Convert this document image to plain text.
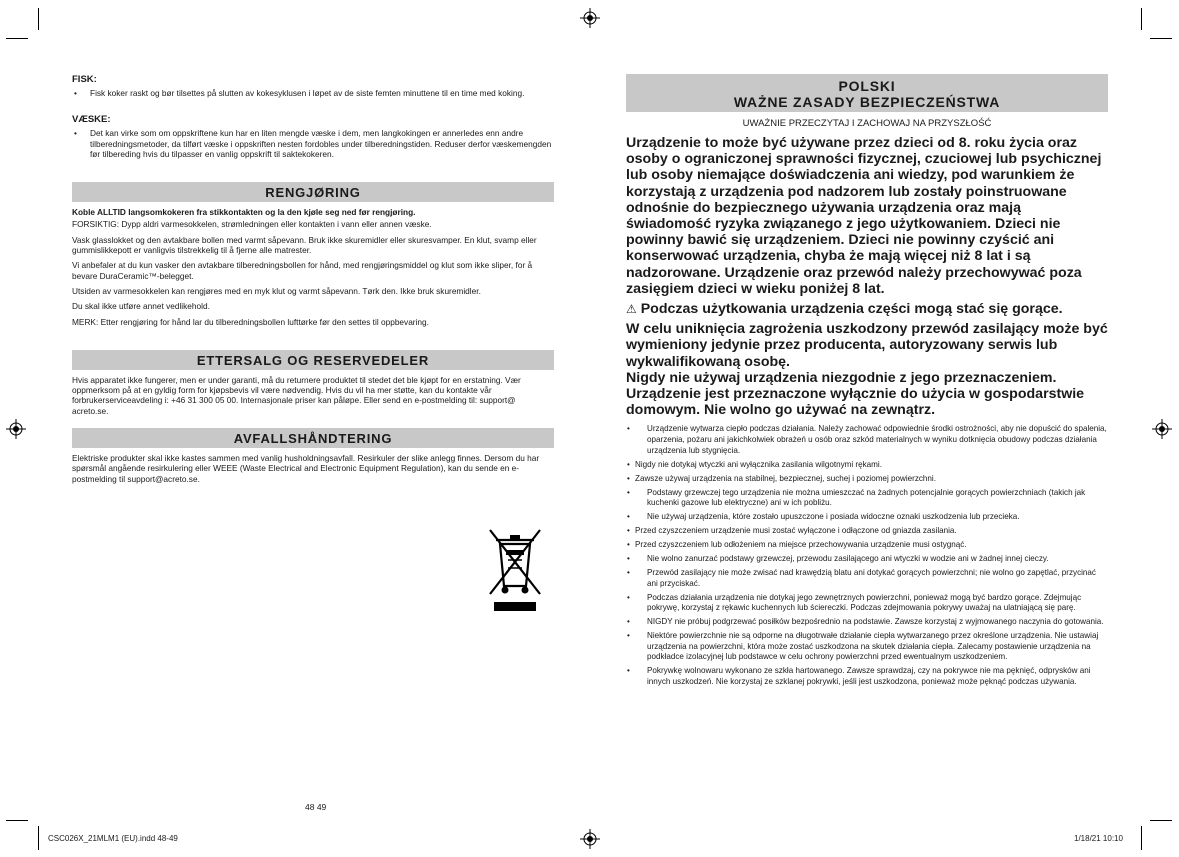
FISK:
• Fisk koker raskt og bør tilsettes på slutten av kokesyklusen i løpet av de siste femten minuttene til en time med koking.
VÆSKE:
• Det kan virke som om oppskriftene kun har en liten mengde væske i dem, men langkokingen er annerledes enn andre tilberedningsmetoder, da tilført væske i oppskriften nesten fordobles under tilberedningstiden. Reduser derfor væskemengden før tilbereding hvis du tilpasser en vanlig oppskrift til saktekokeren.
RENGJØRING
Koble ALLTID langsomkokeren fra stikkontakten og la den kjøle seg ned før rengjøring.
FORSIKTIG: Dypp aldri varmesokkelen, strømledningen eller kontakten i vann eller annen væske.
Vask glasslokket og den avtakbare bollen med varmt såpevann. Bruk ikke skuremidler eller skuresvamper. En klut, svamp eller gummislikkepott er vanligvis tilstrekkelig til å fjerne alle matrester.
Vi anbefaler at du kun vasker den avtakbare tilberedningsbollen for hånd, med rengjøringsmiddel og klut som ikke sliper, for å bevare DuraCeramic™-belegget.
Utsiden av varmesokkelen kan rengjøres med en myk klut og varmt såpevann. Tørk den. Ikke bruk skuremidler.
Du skal ikke utføre annet vedlikehold.
MERK: Etter rengjøring for hånd lar du tilberedningsbollen lufttørke før den settes til oppbevaring.
ETTERSALG OG RESERVEDELER
Hvis apparatet ikke fungerer, men er under garanti, må du returnere produktet til stedet det ble kjøpt for en erstatning. Vær oppmerksom på at en gyldig form for kjøpsbevis vil være nødvendig. Hvis du vil ha mer støtte, kan du kontakte vår forbrukerserviceavdeling i: +46 31 300 05 00. Internasjonale priser kan påløpe. Eller send en e-postmelding til: support@ acreto.se.
AVFALLSHÅNDTERING
Elektriske produkter skal ikke kastes sammen med vanlig husholdningsavfall. Resirkuler der slike anlegg finnes. Dersom du har spørsmål angående resirkulering eller WEEE (Waste Electrical and Electronic Equipment Regulation), kan du sende en e-postmelding til support@acreto.se.
POLSKI
WAŻNE ZASADY BEZPIECZEŃSTWA
UWAŻNIE PRZECZYTAJ I ZACHOWAJ NA PRZYSZŁOŚĆ
Urządzenie to może być używane przez dzieci od 8. roku życia oraz osoby o ograniczonej sprawności fizycznej, czuciowej lub psychicznej lub osoby niemające doświadczenia ani wiedzy, pod warunkiem że korzystają z urządzenia pod nadzorem lub zostały poinstruowane odnośnie do bezpiecznego używania urządzenia oraz mają świadomość ryzyka związanego z jego użytkowaniem. Dzieci nie powinny bawić się urządzeniem. Dzieci nie powinny czyścić ani konserwować urządzenia, chyba że mają więcej niż 8 lat i są nadzorowane. Urządzenie oraz przewód należy przechowywać poza zasięgiem dzieci w wieku poniżej 8 lat.
⚠ Podczas użytkowania urządzenia części mogą stać się gorące.
W celu uniknięcia zagrożenia uszkodzony przewód zasilający może być wymieniony jedynie przez producenta, autoryzowany serwis lub wykwalifikowaną osobę.
Nigdy nie używaj urządzenia niezgodnie z jego przeznaczeniem. Urządzenie jest przeznaczone wyłącznie do użycia w gospodarstwie domowym. Nie wolno go używać na zewnątrz.
• Urządzenie wytwarza ciepło podczas działania. Należy zachować odpowiednie środki ostrożności, aby nie dopuścić do spalenia, oparzenia, pożaru ani jakichkolwiek obrażeń u osób oraz szkód materialnych w wyniku dotknięcia obudowy podczas działania urządzenia lub stygnięcia.
• Nigdy nie dotykaj wtyczki ani wyłącznika zasilania wilgotnymi rękami.
• Zawsze używaj urządzenia na stabilnej, bezpiecznej, suchej i poziomej powierzchni.
• Podstawy grzewczej tego urządzenia nie można umieszczać na żadnych potencjalnie gorących powierzchniach (takich jak kuchenki gazowe lub elektryczne) ani w ich pobliżu.
• Nie używaj urządzenia, które zostało upuszczone i posiada widoczne oznaki uszkodzenia lub przecieka.
• Przed czyszczeniem urządzenie musi zostać wyłączone i odłączone od gniazda zasilania.
• Przed czyszczeniem lub odłożeniem na miejsce przechowywania urządzenie musi ostygnąć.
• Nie wolno zanurzać podstawy grzewczej, przewodu zasilającego ani wtyczki w wodzie ani w żadnej innej cieczy.
• Przewód zasilający nie może zwisać nad krawędzią blatu ani dotykać gorących powierzchni; nie wolno go zapętlać, przycinać ani przyciskać.
• Podczas działania urządzenia nie dotykaj jego zewnętrznych powierzchni, ponieważ mogą być bardzo gorące. Zdejmując pokrywę, korzystaj z rękawic kuchennych lub ściereczki. Podczas zdejmowania pokrywy uważaj na ulatniającą się parę.
• NIGDY nie próbuj podgrzewać posiłków bezpośrednio na podstawie. Zawsze korzystaj z wyjmowanego naczynia do gotowania.
• Niektóre powierzchnie nie są odporne na długotrwałe działanie ciepła wytwarzanego przez określone urządzenia. Nie ustawiaj urządzenia na powierzchni, która może zostać uszkodzona na skutek działania ciepła. Zalecamy postawienie urządzenia na podkładce izolacyjnej lub podstawce w celu ochrony powierzchni przed ewentualnym uszkodzeniem.
• Pokrywkę wolnowaru wykonano ze szkła hartowanego. Zawsze sprawdzaj, czy na pokrywce nie ma pęknięć, odprysków ani innych uszkodzeń. Nie korzystaj ze szklanej pokrywki, jeśli jest uszkodzona, ponieważ może pęknąć podczas używania.
48 49
CSC026X_21MLM1 (EU).indd 48-49	1/18/21 10:10
